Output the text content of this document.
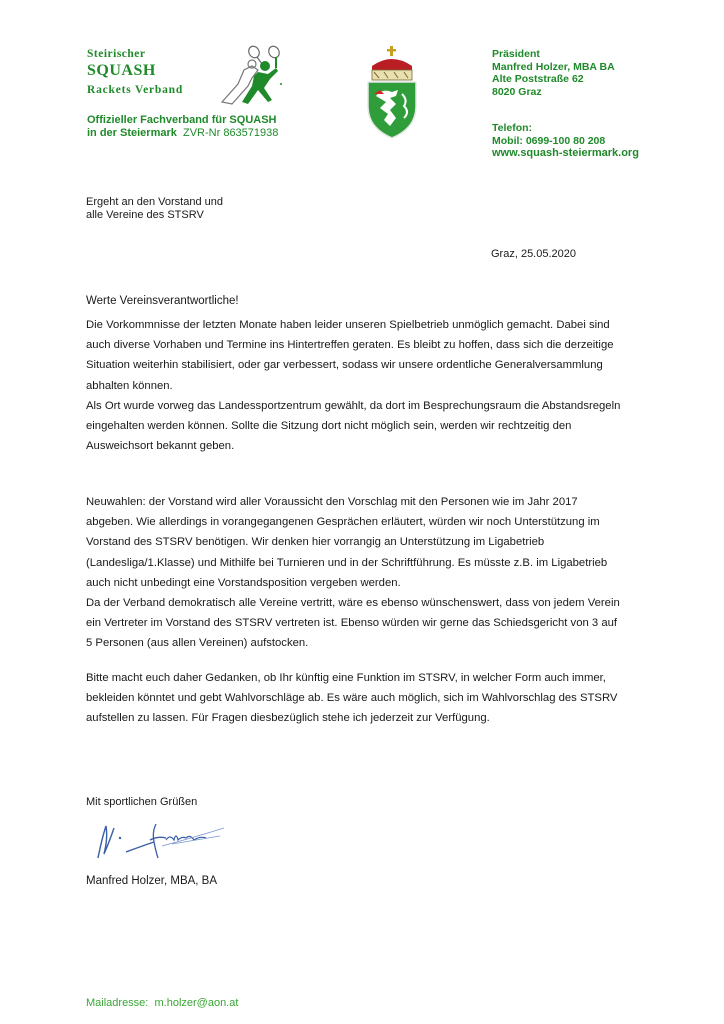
Steirischer
SQUASH
Rackets Verband
Offizieller Fachverband für SQUASH
in der Steiermark ZVR-Nr 863571938
Präsident
Manfred Holzer, MBA BA
Alte Poststraße 62
8020 Graz
Telefon:
Mobil: 0699-100 80 208
www.squash-steiermark.org
Ergeht an den Vorstand und
alle Vereine des STSRV
Graz, 25.05.2020
Werte Vereinsverantwortliche!
Die Vorkommnisse der letzten Monate haben leider unseren Spielbetrieb unmöglich gemacht. Dabei sind
auch diverse Vorhaben und Termine ins Hintertreffen geraten. Es bleibt zu hoffen, dass sich die derzeitige
Situation weiterhin stabilisiert, oder gar verbessert, sodass wir unsere ordentliche Generalversammlung
abhalten können.
Als Ort wurde vorweg das Landessportzentrum gewählt, da dort im Besprechungsraum die Abstandsregeln
eingehalten werden können. Sollte die Sitzung dort nicht möglich sein, werden wir rechtzeitig den
Ausweichsort bekannt geben.
Neuwahlen: der Vorstand wird aller Voraussicht den Vorschlag mit den Personen wie im Jahr 2017
abgeben. Wie allerdings in vorangegangenen Gesprächen erläutert, würden wir noch Unterstützung im
Vorstand des STSRV benötigen. Wir denken hier vorrangig an Unterstützung im Ligabetrieb
(Landesliga/1.Klasse) und Mithilfe bei Turnieren und in der Schriftführung. Es müsste z.B. im Ligabetrieb
auch nicht unbedingt eine Vorstandsposition vergeben werden.
Da der Verband demokratisch alle Vereine vertritt, wäre es ebenso wünschenswert, dass von jedem Verein
ein Vertreter im Vorstand des STSRV vertreten ist. Ebenso würden wir gerne das Schiedsgericht von 3 auf
5 Personen (aus allen Vereinen) aufstocken.
Bitte macht euch daher Gedanken, ob Ihr künftig eine Funktion im STSRV, in welcher Form auch immer,
bekleiden könntet und gebt Wahlvorschläge ab. Es wäre auch möglich, sich im Wahlvorschlag des STSRV
aufstellen zu lassen. Für Fragen diesbezüglich stehe ich jederzeit zur Verfügung.
Mit sportlichen Grüßen
Manfred Holzer, MBA, BA
Mailadresse: m.holzer@aon.at
